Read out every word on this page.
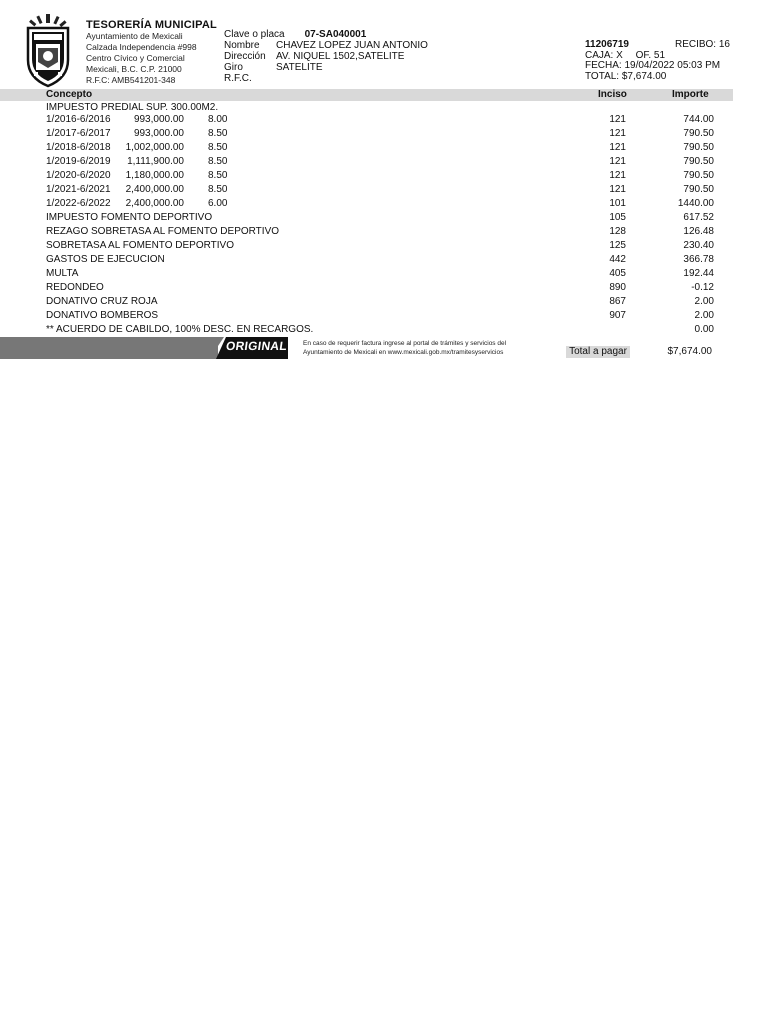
TESORERÍA MUNICIPAL
Ayuntamiento de Mexicali
Calzada Independencia #998
Centro Cívico y Comercial
Mexicali, B.C. C.P. 21000
R.F.C: AMB541201-348
Clave o placa 07-SA040001
Nombre	CHAVEZ LOPEZ JUAN ANTONIO
Dirección	AV. NIQUEL 1502,SATELITE
Giro	SATELITE
R.F.C.
11206719	RECIBO: 16
CAJA: X OF. 51
FECHA: 19/04/2022 05:03 PM
TOTAL: $7,674.00
Concepto	Inciso	Importe
IMPUESTO PREDIAL SUP. 300.00M2.
1/2016-6/2016	993,000.00 8.00	121	744.00
1/2017-6/2017	993,000.00 8.50	121	790.50
1/2018-6/2018	1,002,000.00 8.50	121	790.50
1/2019-6/2019	1,111,900.00 8.50	121	790.50
1/2020-6/2020	1,180,000.00 8.50	121	790.50
1/2021-6/2021	2,400,000.00 8.50	121	790.50
1/2022-6/2022	2,400,000.00 6.00	101	1440.00
IMPUESTO FOMENTO DEPORTIVO	105	617.52
REZAGO SOBRETASA AL FOMENTO DEPORTIVO	128	126.48
SOBRETASA AL FOMENTO DEPORTIVO	125	230.40
GASTOS DE EJECUCION	442	366.78
MULTA	405	192.44
REDONDEO	890	-0.12
DONATIVO CRUZ ROJA	867	2.00
DONATIVO BOMBEROS	907	2.00
** ACUERDO DE CABILDO, 100% DESC. EN RECARGOS.	0.00
ORIGINAL En caso de requerir factura ingrese al portal de trámites y servicios del
Ayuntamiento de Mexicali en www.mexicali.gob.mx/tramitesyservicios	Total a pagar	$7,674.00
